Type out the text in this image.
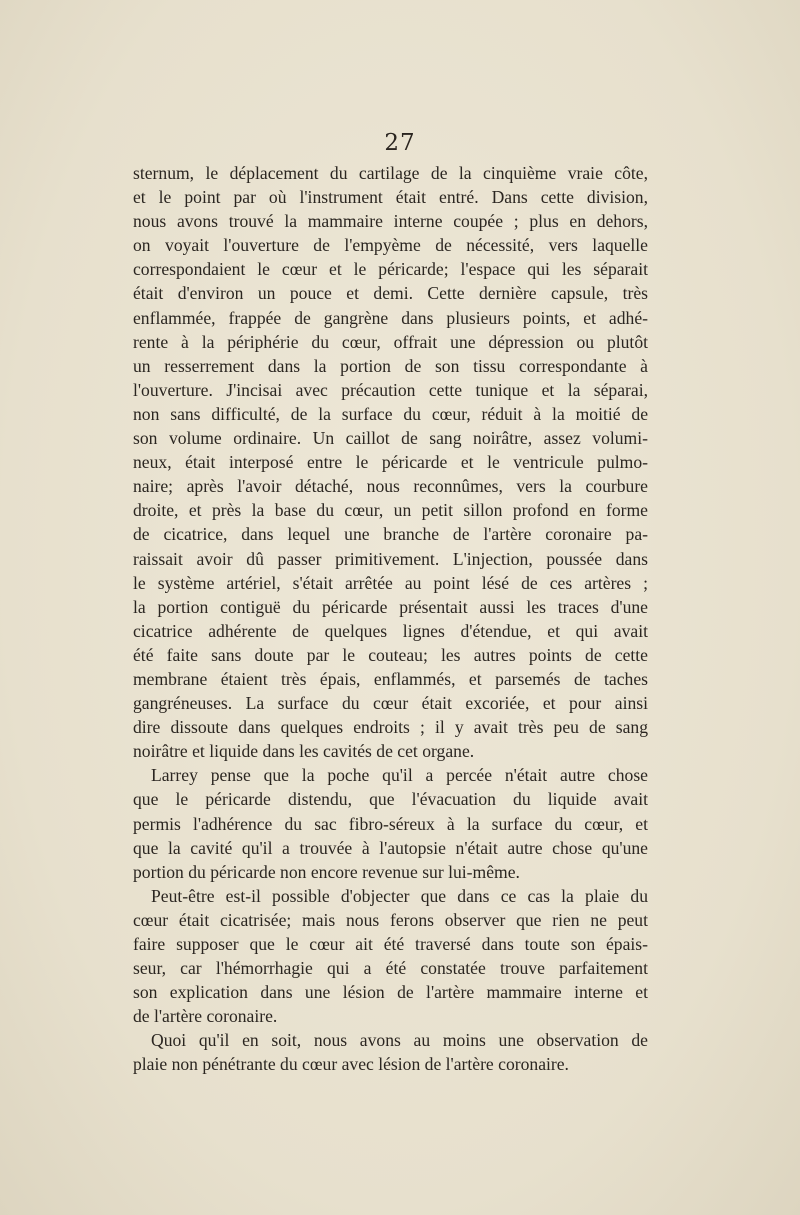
27
sternum, le déplacement du cartilage de la cinquième vraie côte,
et le point par où l'instrument était entré. Dans cette division,
nous avons trouvé la mammaire interne coupée ; plus en dehors,
on voyait l'ouverture de l'empyème de nécessité, vers laquelle
correspondaient le cœur et le péricarde; l'espace qui les séparait
était d'environ un pouce et demi. Cette dernière capsule, très
enflammée, frappée de gangrène dans plusieurs points, et adhé-
rente à la périphérie du cœur, offrait une dépression ou plutôt
un resserrement dans la portion de son tissu correspondante à
l'ouverture. J'incisai avec précaution cette tunique et la séparai,
non sans difficulté, de la surface du cœur, réduit à la moitié de
son volume ordinaire. Un caillot de sang noirâtre, assez volumi-
neux, était interposé entre le péricarde et le ventricule pulmo-
naire; après l'avoir détaché, nous reconnûmes, vers la courbure
droite, et près la base du cœur, un petit sillon profond en forme
de cicatrice, dans lequel une branche de l'artère coronaire pa-
raissait avoir dû passer primitivement. L'injection, poussée dans
le système artériel, s'était arrêtée au point lésé de ces artères ;
la portion contiguë du péricarde présentait aussi les traces d'une
cicatrice adhérente de quelques lignes d'étendue, et qui avait
été faite sans doute par le couteau; les autres points de cette
membrane étaient très épais, enflammés, et parsemés de taches
gangréneuses. La surface du cœur était excoriée, et pour ainsi
dire dissoute dans quelques endroits ; il y avait très peu de sang
noirâtre et liquide dans les cavités de cet organe.
Larrey pense que la poche qu'il a percée n'était autre chose
que le péricarde distendu, que l'évacuation du liquide avait
permis l'adhérence du sac fibro-séreux à la surface du cœur, et
que la cavité qu'il a trouvée à l'autopsie n'était autre chose qu'une
portion du péricarde non encore revenue sur lui-même.
Peut-être est-il possible d'objecter que dans ce cas la plaie du
cœur était cicatrisée; mais nous ferons observer que rien ne peut
faire supposer que le cœur ait été traversé dans toute son épais-
seur, car l'hémorrhagie qui a été constatée trouve parfaitement
son explication dans une lésion de l'artère mammaire interne et
de l'artère coronaire.
Quoi qu'il en soit, nous avons au moins une observation de
plaie non pénétrante du cœur avec lésion de l'artère coronaire.
